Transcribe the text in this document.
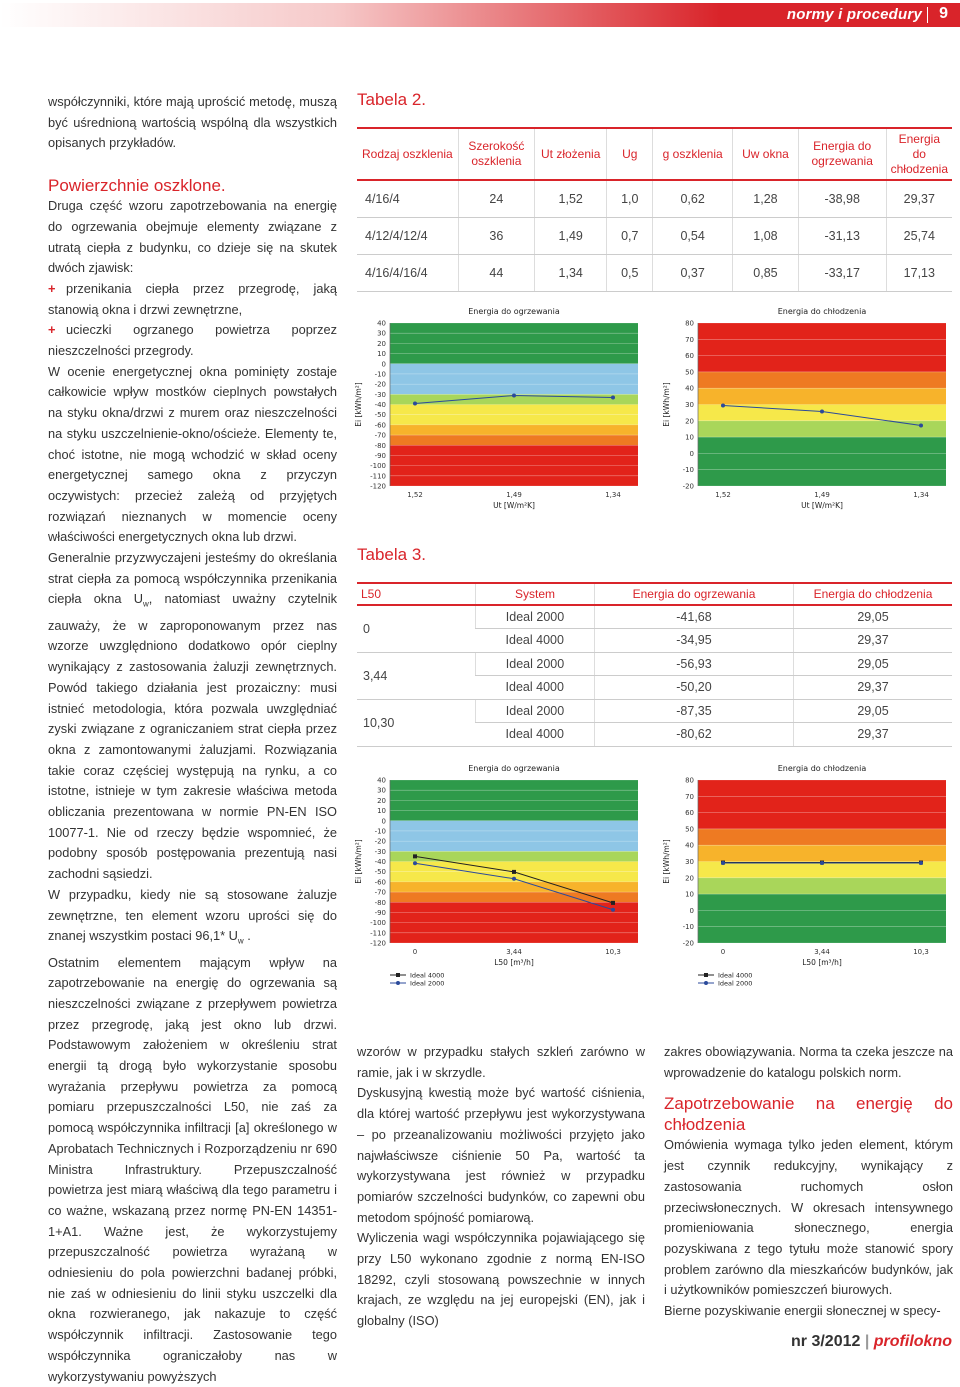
normy i procedury 9

współczynniki, które mają uprościć metodę, muszą być uśrednioną wartością wspólną dla wszystkich opisanych przykładów.

Powierzchnie oszklone.

Druga część wzoru zapotrzebowania na energię do ogrzewania obejmuje elementy związane z utratą ciepła z budynku, co dzieje się na skutek dwóch zjawisk:

+ przenikania ciepła przez przegrodę, jaką stanowią okna i drzwi zewnętrzne,

+ ucieczki ogrzanego powietrza poprzez nieszczelności przegrody.

W ocenie energetycznej okna pominięty zostaje całkowicie wpływ mostków cieplnych powstałych na styku okna/drzwi z murem oraz nieszczelności na styku uszczelnienie-okno/ościeże. Elementy te, choć istotne, nie mogą wchodzić w skład oceny energetycznej samego okna z przyczyn oczywistych: przecież zależą od przyjętych rozwiązań nieznanych w momencie oceny właściwości energetycznych okna lub drzwi.

Generalnie przyzwyczajeni jesteśmy do określania strat ciepła za pomocą współczynnika przenikania ciepła okna $U_w$, natomiast uważny czytelnik zauważy, że w zaproponowanym przez nas wzorze uwzględniono dodatkowo opór cieplny wynikający z zastosowania żaluzji zewnętrznych. Powód takiego działania jest prozaiczny: musi istnieć metodologia, która pozwala uwzględniać zyski związane z ograniczaniem strat ciepła przez okna z zamontowanymi żaluzjami. Rozwiązania takie coraz częściej występują na rynku, a co istotne, istnieje w tym zakresie właściwa metoda obliczania prezentowana w normie PN-EN ISO 10077-1. Nie od rzeczy będzie wspomnieć, że podobny sposób postępowania prezentują nasi zachodni sąsiedzi.

W przypadku, kiedy nie są stosowane żaluzje zewnętrzne, ten element wzoru uprości się do znanej wszystkim postaci 96,1* $U_w$ .

Ostatnim elementem mającym wpływ na zapotrzebowanie na energię do ogrzewania są nieszczelności związane z przepływem powietrza przez przegrodę, jaką jest okno lub drzwi. Podstawowym założeniem w określeniu strat energii tą drogą było wykorzystanie sposobu wyrażania przepływu powietrza za pomocą pomiaru przepuszczalności L50, nie zaś za pomocą współczynnika infiltracji [a] określonego w Aprobatach Technicznych i Rozporządzeniu nr 690 Ministra Infrastruktury. Przepuszczalność powietrza jest miarą właściwą dla tego parametru i co ważne, wskazaną przez normę PN-EN 14351-1+A1. Ważne jest, że wykorzystujemy przepuszczalność powietrza wyrażaną w odniesieniu do pola powierzchni badanej próbki, nie zaś w odniesieniu do linii styku uszczelki dla okna rozwieranego, jak nakazuje to część współczynnik infiltracji. Zastosowanie tego współczynnika ograniczałoby nas w wykorzystywaniu powyższych

Tabela 2.
Rodzaj oszklenia	Szerokość oszklenia	Ut złożenia	Ug	g oszklenia	Uw okna	Energia do ogrzewania	Energia do chłodzenia
4/16/4	24	1,52	1,0	0,62	1,28	-38,98	29,37
4/12/4/12/4	36	1,49	0,7	0,54	1,08	-31,13	25,74
4/16/4/16/4	44	1,34	0,5	0,37	0,85	-33,17	17,13
40
30
20
10
0
-10
-20
-30
-40
-50
-60
-70
-80
-90
-100
-110
-120
Energia do ogrzewania
Ei [kWh/m²]
1,52	1,49	1,34
Ut [W/m²K]
80
70
60
50
40
30
20
10
0
-10
-20
Energia do chłodzenia
Ei [kWh/m²]
1,52	1,49	1,34
Ut [W/m²K]
Tabela 3.
L50	System	Energia do ogrzewania	Energia do chłodzenia
0	Ideal 2000	-41,68	29,05
	Ideal 4000	-34,95	29,37
3,44	Ideal 2000	-56,93	29,05
	Ideal 4000	-50,20	29,37
10,30	Ideal 2000	-87,35	29,05
	Ideal 4000	-80,62	29,37
40
30
20
10
0
-10
-20
-30
-40
-50
-60
-70
-80
-90
-100
-110
-120
Energia do ogrzewania
Ei [kWh/m²]
0	3,44	10,3
L50 [m³/h]
Ideal 4000
Ideal 2000
80
70
60
50
40
30
20
10
0
-10
-20
Energia do chłodzenia
Ei [kWh/m²]
0	3,44	10,3
L50 [m³/h]
Ideal 4000
Ideal 2000

wzorów w przypadku stałych szkleń zarówno w ramie, jak i w skrzydle.

Dyskusyjną kwestią może być wartość ciśnienia, dla której wartość przepływu jest wykorzystywana – po przeanalizowaniu możliwości przyjęto jako najwłaściwsze ciśnienie 50 Pa, wartość ta wykorzystywana jest również w przypadku pomiarów szczelności budynków, co zapewni obu metodom spójność pomiarową.

Wyliczenia wagi współczynnika pojawiającego się przy L50 wykonano zgodnie z normą EN-ISO 18292, czyli stosowaną powszechnie w innych krajach, ze względu na jej europejski (EN), jak i globalny (ISO)

zakres obowiązywania. Norma ta czeka jeszcze na wprowadzenie do katalogu polskich norm.

Zapotrzebowanie na energię do chłodzenia

Omówienia wymaga tylko jeden element, którym jest czynnik redukcyjny, wynikający z zastosowania ruchomych osłon przeciwsłonecznych. W okresach intensywnego promieniowania słonecznego, energia pozyskiwana z tego tytułu może stanowić spory problem zarówno dla mieszkańców budynków, jak i użytkowników pomieszczeń biurowych.

Bierne pozyskiwanie energii słonecznej w specy-

nr 3/2012 | profilokno
